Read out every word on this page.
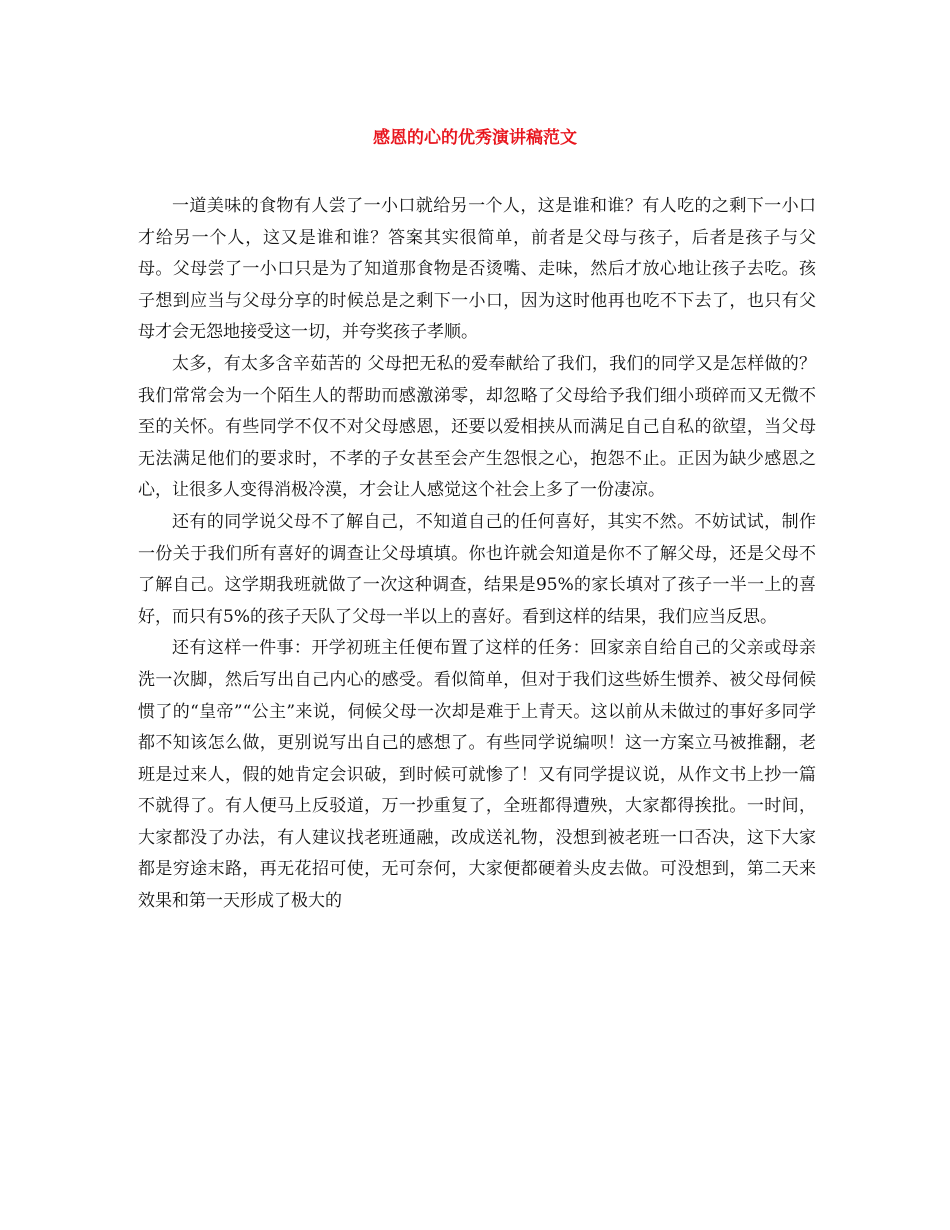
感恩的心的优秀演讲稿范文

一道美味的食物有人尝了一小口就给另一个人，这是谁和谁？有人吃的之剩下一小口才给另一个人，这又是谁和谁？答案其实很简单，前者是父母与孩子，后者是孩子与父母。父母尝了一小口只是为了知道那食物是否烫嘴、走味，然后才放心地让孩子去吃。孩子想到应当与父母分享的时候总是之剩下一小口，因为这时他再也吃不下去了，也只有父母才会无怨地接受这一切，并夸奖孩子孝顺。

太多，有太多含辛茹苦的 父母把无私的爱奉献给了我们，我们的同学又是怎样做的？我们常常会为一个陌生人的帮助而感激涕零，却忽略了父母给予我们细小琐碎而又无微不至的关怀。有些同学不仅不对父母感恩，还要以爱相挟从而满足自己自私的欲望，当父母无法满足他们的要求时，不孝的子女甚至会产生怨恨之心，抱怨不止。正因为缺少感恩之心，让很多人变得消极冷漠，才会让人感觉这个社会上多了一份凄凉。

还有的同学说父母不了解自己，不知道自己的任何喜好，其实不然。不妨试试，制作一份关于我们所有喜好的调查让父母填填。你也许就会知道是你不了解父母，还是父母不了解自己。这学期我班就做了一次这种调查，结果是95%的家长填对了孩子一半一上的喜好，而只有5%的孩子天队了父母一半以上的喜好。看到这样的结果，我们应当反思。

还有这样一件事：开学初班主任便布置了这样的任务：回家亲自给自己的父亲或母亲洗一次脚，然后写出自己内心的感受。看似简单，但对于我们这些娇生惯养、被父母伺候惯了的“皇帝”“公主”来说，伺候父母一次却是难于上青天。这以前从未做过的事好多同学都不知该怎么做，更别说写出自己的感想了。有些同学说编呗！这一方案立马被推翻，老班是过来人，假的她肯定会识破，到时候可就惨了！又有同学提议说，从作文书上抄一篇不就得了。有人便马上反驳道，万一抄重复了，全班都得遭殃，大家都得挨批。一时间，大家都没了办法，有人建议找老班通融，改成送礼物，没想到被老班一口否决，这下大家都是穷途末路，再无花招可使，无可奈何，大家便都硬着头皮去做。可没想到，第二天来效果和第一天形成了极大的
